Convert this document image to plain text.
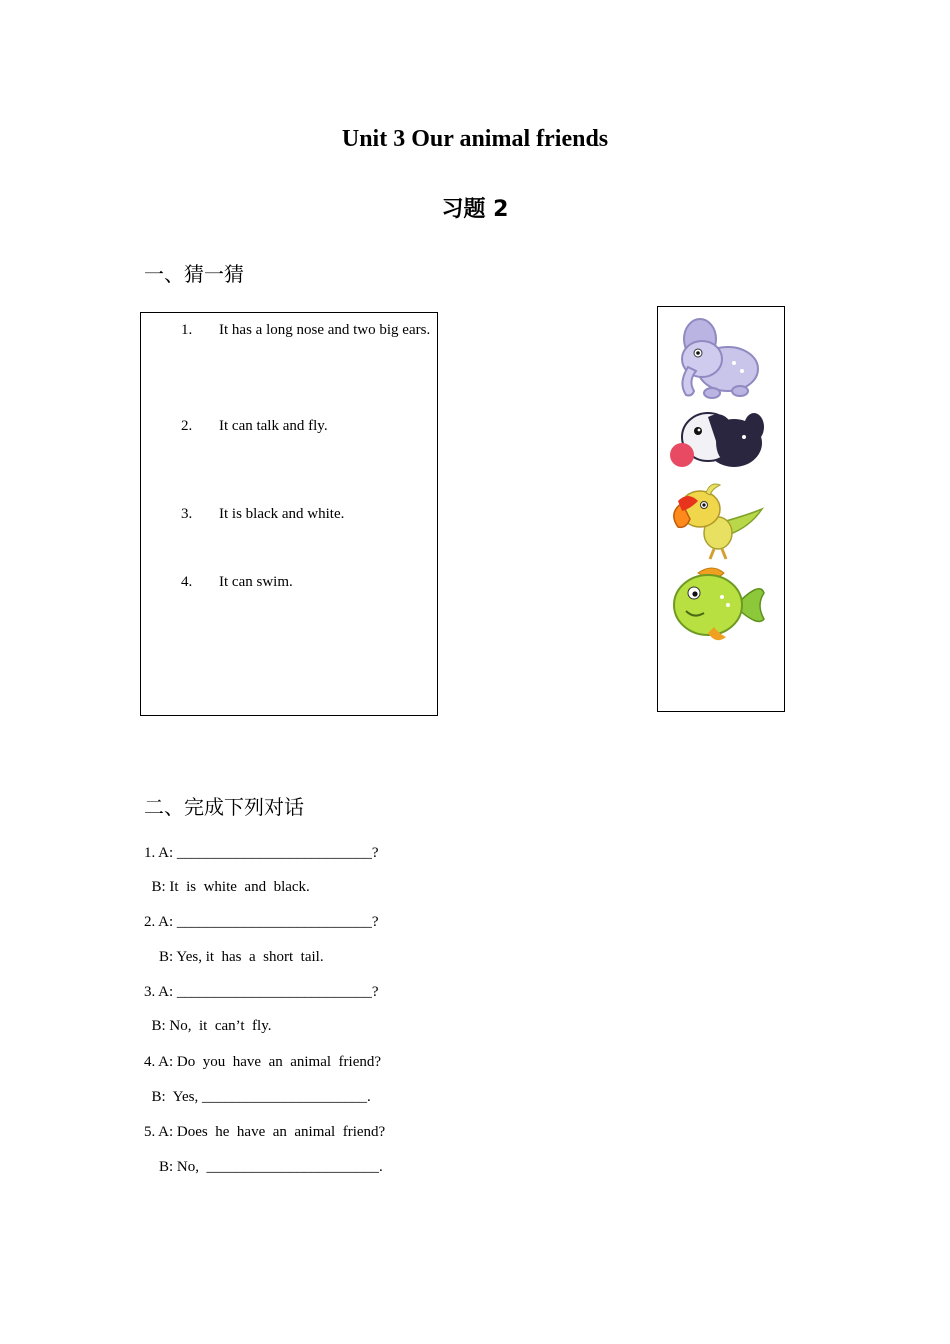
Unit 3 Our animal friends
习题 2
一、猜一猜
1. It has a long nose and two big ears.
2. It can talk and fly.
3. It is black and white.
4. It can swim.
二、完成下列对话
1. A: __________________________?
B: It  is  white  and  black.
2. A: __________________________?
B: Yes, it  has  a  short  tail.
3. A: __________________________?
B: No,  it  can’t  fly.
4. A: Do  you  have  an  animal  friend?
B:  Yes, ______________________.
5. A: Does  he  have  an  animal  friend?
B: No,  _______________________.
